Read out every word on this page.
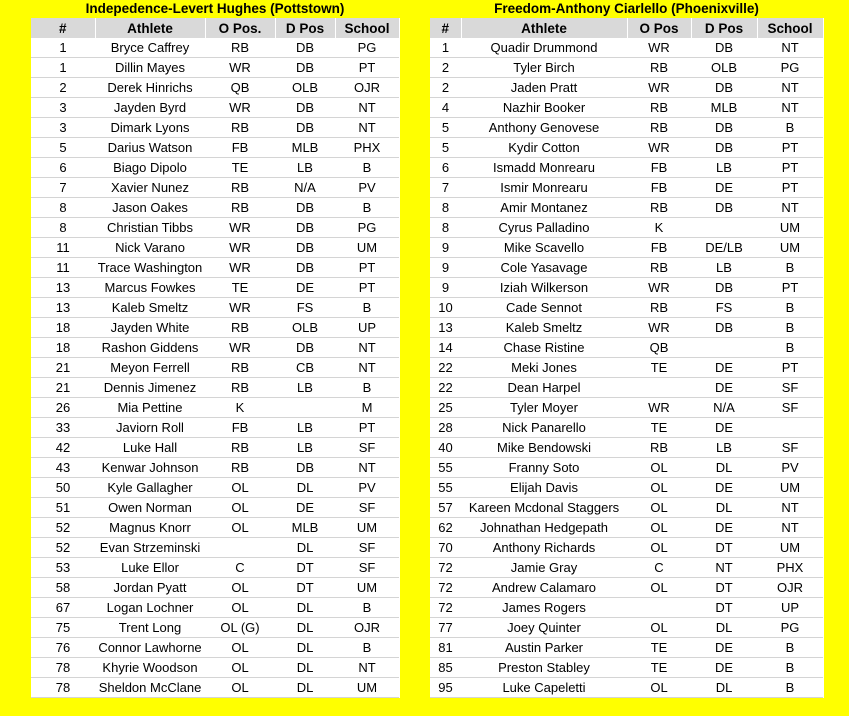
Indepedence-Levert Hughes (Pottstown)
#	Athlete	O Pos.	D Pos	School
1	Bryce Caffrey	RB	DB	PG
1	Dillin Mayes	WR	DB	PT
2	Derek Hinrichs	QB	OLB	OJR
3	Jayden Byrd	WR	DB	NT
3	Dimark Lyons	RB	DB	NT
5	Darius Watson	FB	MLB	PHX
6	Biago Dipolo	TE	LB	B
7	Xavier Nunez	RB	N/A	PV
8	Jason Oakes	RB	DB	B
8	Christian Tibbs	WR	DB	PG
11	Nick Varano	WR	DB	UM
11	Trace Washington	WR	DB	PT
13	Marcus Fowkes	TE	DE	PT
13	Kaleb Smeltz	WR	FS	B
18	Jayden White	RB	OLB	UP
18	Rashon Giddens	WR	DB	NT
21	Meyon Ferrell	RB	CB	NT
21	Dennis Jimenez	RB	LB	B
26	Mia Pettine	K		M
33	Javiorn Roll	FB	LB	PT
42	Luke Hall	RB	LB	SF
43	Kenwar Johnson	RB	DB	NT
50	Kyle Gallagher	OL	DL	PV
51	Owen Norman	OL	DE	SF
52	Magnus Knorr	OL	MLB	UM
52	Evan Strzeminski		DL	SF
53	Luke Ellor	C	DT	SF
58	Jordan Pyatt	OL	DT	UM
67	Logan Lochner	OL	DL	B
75	Trent Long	OL (G)	DL	OJR
76	Connor Lawhorne	OL	DL	B
78	Khyrie Woodson	OL	DL	NT
78	Sheldon McClane	OL	DL	UM
Freedom-Anthony Ciarlello (Phoenixville)
#	Athlete	O Pos	D Pos	School
1	Quadir Drummond	WR	DB	NT
2	Tyler Birch	RB	OLB	PG
2	Jaden Pratt	WR	DB	NT
4	Nazhir Booker	RB	MLB	NT
5	Anthony Genovese	RB	DB	B
5	Kydir Cotton	WR	DB	PT
6	Ismadd Monrearu	FB	LB	PT
7	Ismir Monrearu	FB	DE	PT
8	Amir Montanez	RB	DB	NT
8	Cyrus Palladino	K		UM
9	Mike Scavello	FB	DE/LB	UM
9	Cole Yasavage	RB	LB	B
9	Iziah Wilkerson	WR	DB	PT
10	Cade Sennot	RB	FS	B
13	Kaleb Smeltz	WR	DB	B
14	Chase Ristine	QB		B
22	Meki Jones	TE	DE	PT
22	Dean Harpel		DE	SF
25	Tyler Moyer	WR	N/A	SF
28	Nick Panarello	TE	DE	
40	Mike Bendowski	RB	LB	SF
55	Franny Soto	OL	DL	PV
55	Elijah Davis	OL	DE	UM
57	Kareen Mcdonal Staggers	OL	DL	NT
62	Johnathan Hedgepath	OL	DE	NT
70	Anthony Richards	OL	DT	UM
72	Jamie Gray	C	NT	PHX
72	Andrew Calamaro	OL	DT	OJR
72	James Rogers		DT	UP
77	Joey Quinter	OL	DL	PG
81	Austin Parker	TE	DE	B
85	Preston Stabley	TE	DE	B
95	Luke Capeletti	OL	DL	B
